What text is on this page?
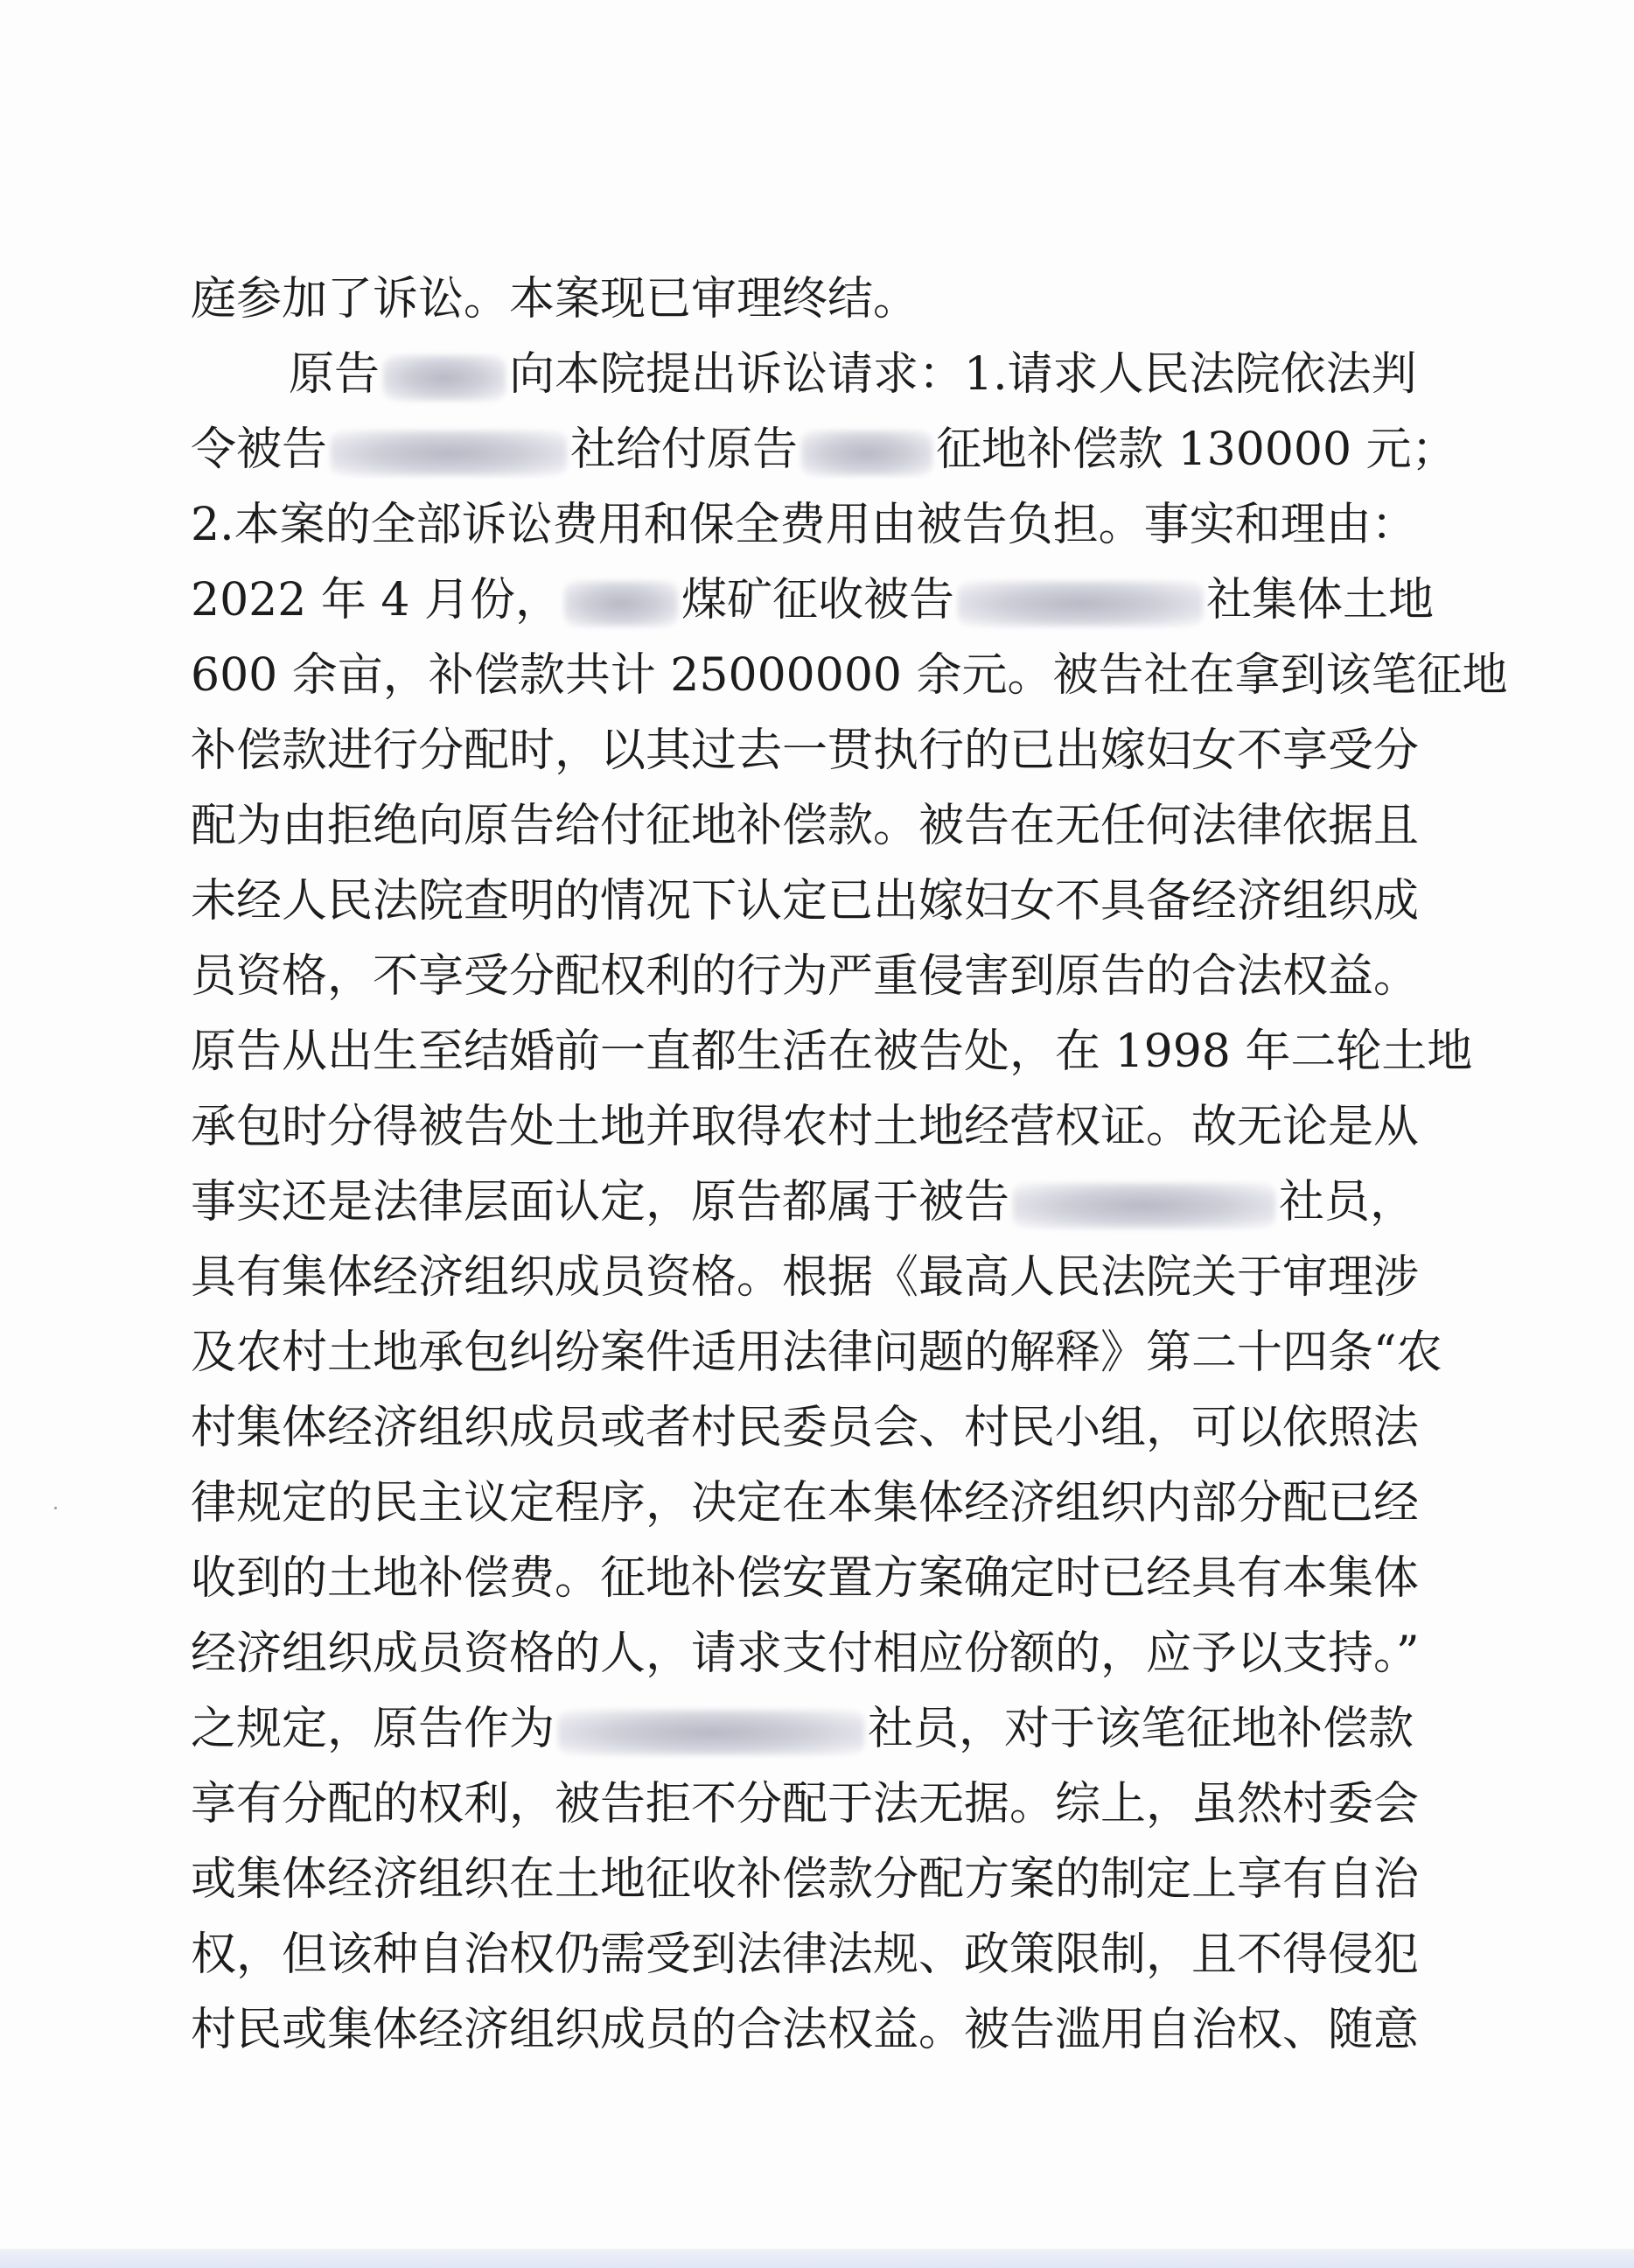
庭参加了诉讼。本案现已审理终结。
原告	向本院提出诉讼请求：1.请求人民法院依法判
令被告	社给付原告	征地补偿款 130000 元；
2.本案的全部诉讼费用和保全费用由被告负担。事实和理由：
2022 年 4 月份，	煤矿征收被告	社集体土地
600 余亩，补偿款共计 25000000 余元。被告社在拿到该笔征地
补偿款进行分配时，以其过去一贯执行的已出嫁妇女不享受分
配为由拒绝向原告给付征地补偿款。被告在无任何法律依据且
未经人民法院查明的情况下认定已出嫁妇女不具备经济组织成
员资格，不享受分配权利的行为严重侵害到原告的合法权益。
原告从出生至结婚前一直都生活在被告处，在 1998 年二轮土地
承包时分得被告处土地并取得农村土地经营权证。故无论是从
事实还是法律层面认定，原告都属于被告	社员，
具有集体经济组织成员资格。根据《最高人民法院关于审理涉
及农村土地承包纠纷案件适用法律问题的解释》第二十四条“农
村集体经济组织成员或者村民委员会、村民小组，可以依照法
律规定的民主议定程序，决定在本集体经济组织内部分配已经
收到的土地补偿费。征地补偿安置方案确定时已经具有本集体
经济组织成员资格的人，请求支付相应份额的，应予以支持。”
之规定，原告作为	社员，对于该笔征地补偿款
享有分配的权利，被告拒不分配于法无据。综上，虽然村委会
或集体经济组织在土地征收补偿款分配方案的制定上享有自治
权，但该种自治权仍需受到法律法规、政策限制，且不得侵犯
村民或集体经济组织成员的合法权益。被告滥用自治权、随意
